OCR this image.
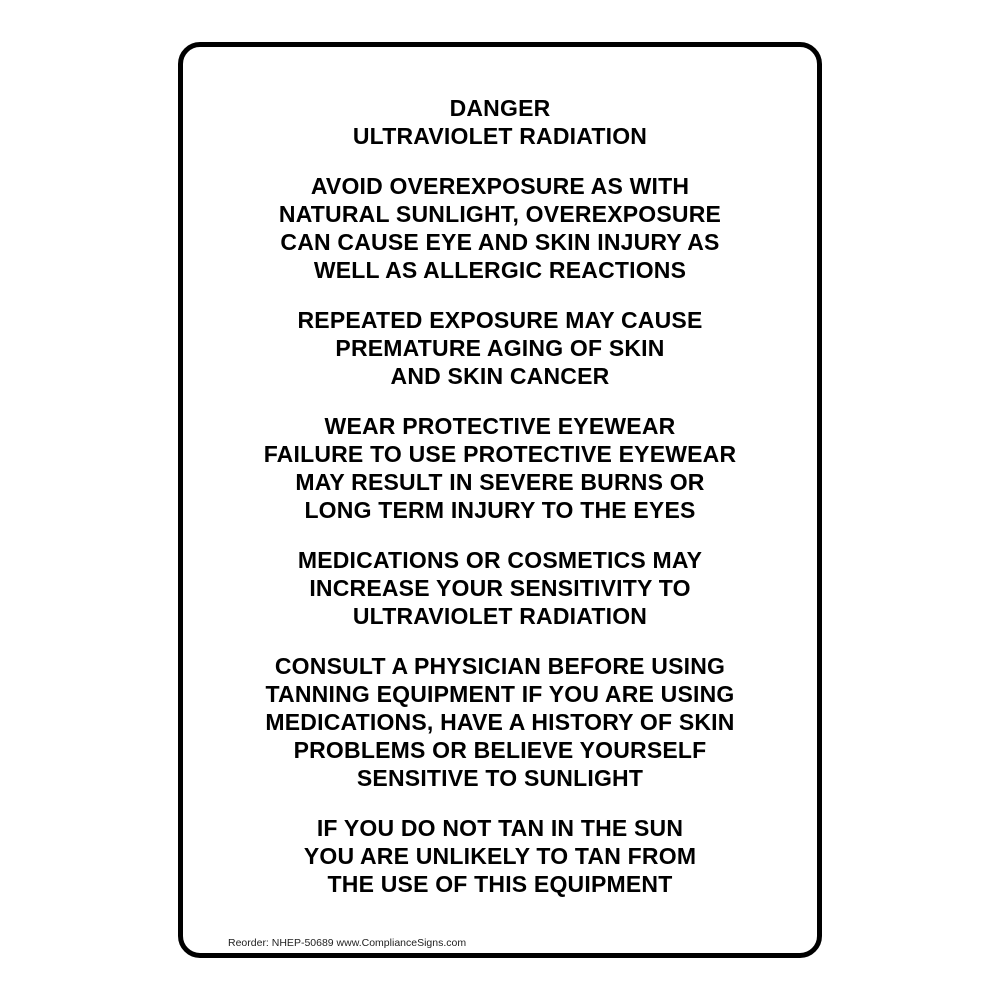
DANGER
ULTRAVIOLET RADIATION
AVOID OVEREXPOSURE AS WITH
NATURAL SUNLIGHT, OVEREXPOSURE
CAN CAUSE EYE AND SKIN INJURY AS
WELL AS ALLERGIC REACTIONS
REPEATED EXPOSURE MAY CAUSE
PREMATURE AGING OF SKIN
AND SKIN CANCER
WEAR PROTECTIVE EYEWEAR
FAILURE TO USE PROTECTIVE EYEWEAR
MAY RESULT IN SEVERE BURNS OR
LONG TERM INJURY TO THE EYES
MEDICATIONS OR COSMETICS MAY
INCREASE YOUR SENSITIVITY TO
ULTRAVIOLET RADIATION
CONSULT A PHYSICIAN BEFORE USING
TANNING EQUIPMENT IF YOU ARE USING
MEDICATIONS, HAVE A HISTORY OF SKIN
PROBLEMS OR BELIEVE YOURSELF
SENSITIVE TO SUNLIGHT
IF YOU DO NOT TAN IN THE SUN
YOU ARE UNLIKELY TO TAN FROM
THE USE OF THIS EQUIPMENT
Reorder: NHEP-50689 www.ComplianceSigns.com
